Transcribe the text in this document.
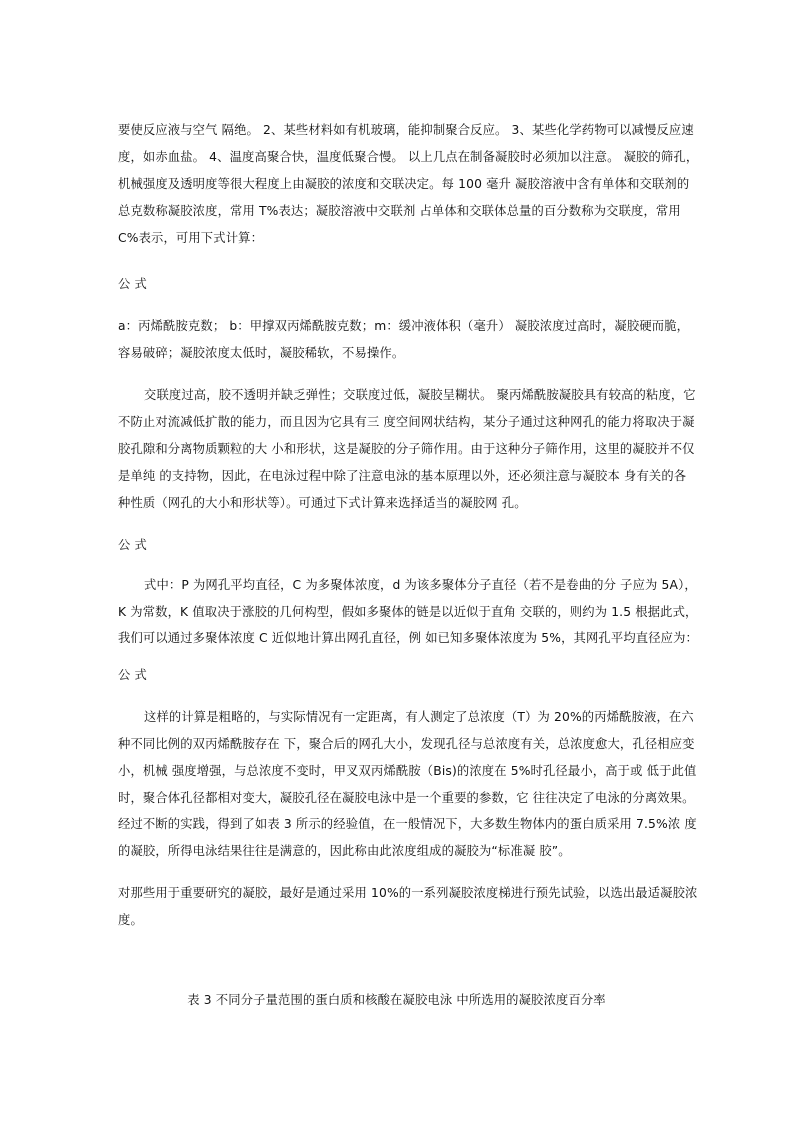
要使反应液与空气 隔绝。 2、某些材料如有机玻璃，能抑制聚合反应。 3、某些化学药物可以减慢反应速
度，如赤血盐。 4、温度高聚合快，温度低聚合慢。 以上几点在制备凝胶时必须加以注意。 凝胶的筛孔，
机械强度及透明度等很大程度上由凝胶的浓度和交联决定。每 100 毫升 凝胶溶液中含有单体和交联剂的
总克数称凝胶浓度，常用 T%表达；凝胶溶液中交联剂 占单体和交联体总量的百分数称为交联度，常用
C%表示，可用下式计算：
公 式
a：丙烯酰胺克数； b：甲撑双丙烯酰胺克数；m：缓冲液体积（毫升） 凝胶浓度过高时，凝胶硬而脆，
容易破碎；凝胶浓度太低时，凝胶稀软，不易操作。
交联度过高，胶不透明并缺乏弹性；交联度过低，凝胶呈糊状。 聚丙烯酰胺凝胶具有较高的粘度，它
不防止对流减低扩散的能力，而且因为它具有三 度空间网状结构，某分子通过这种网孔的能力将取决于凝
胶孔隙和分离物质颗粒的大 小和形状，这是凝胶的分子筛作用。由于这种分子筛作用，这里的凝胶并不仅
是单纯 的支持物，因此，在电泳过程中除了注意电泳的基本原理以外，还必须注意与凝胶本 身有关的各
种性质（网孔的大小和形状等）。可通过下式计算来选择适当的凝胶网 孔。
公 式
式中：P 为网孔平均直径，C 为多聚体浓度，d 为该多聚体分子直径（若不是卷曲的分 子应为 5A），
K 为常数，K 值取决于涨胶的几何构型，假如多聚体的链是以近似于直角 交联的，则约为 1.5 根据此式，
我们可以通过多聚体浓度 C 近似地计算出网孔直径，例 如已知多聚体浓度为 5%，其网孔平均直径应为：
公 式
这样的计算是粗略的，与实际情况有一定距离，有人测定了总浓度（T）为 20%的丙烯酰胺液，在六
种不同比例的双丙烯酰胺存在 下，聚合后的网孔大小，发现孔径与总浓度有关，总浓度愈大，孔径相应变
小，机械 强度增强，与总浓度不变时，甲叉双丙烯酰胺（Bis)的浓度在 5%时孔径最小，高于或 低于此值
时，聚合体孔径都相对变大，凝胶孔径在凝胶电泳中是一个重要的参数，它 往往决定了电泳的分离效果。
经过不断的实践，得到了如表 3 所示的经验值，在一般情况下，大多数生物体内的蛋白质采用 7.5%浓 度
的凝胶，所得电泳结果往往是满意的，因此称由此浓度组成的凝胶为“标准凝 胶”。
对那些用于重要研究的凝胶，最好是通过采用 10%的一系列凝胶浓度梯进行预先试验，以选出最适凝胶浓
度。
表 3 不同分子量范围的蛋白质和核酸在凝胶电泳 中所选用的凝胶浓度百分率
